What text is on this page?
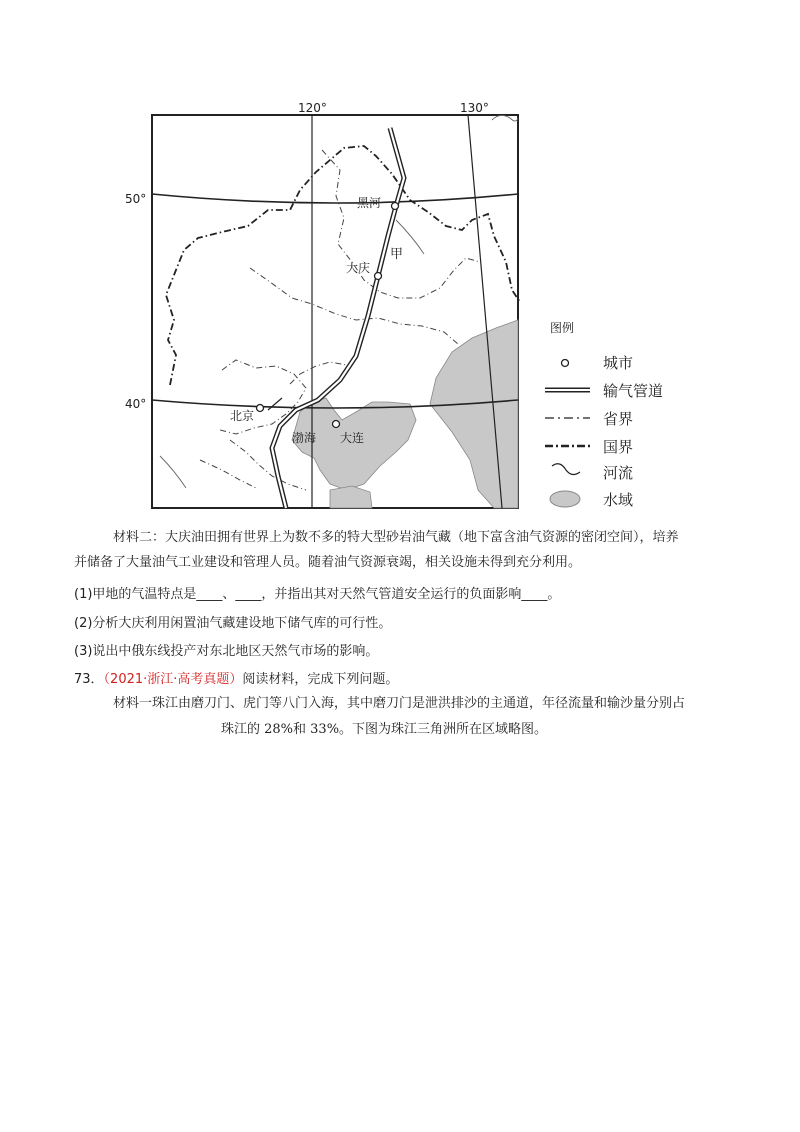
120°	130°
50°
40°
黑河
大庆
北京
大连
甲
渤海
图例
城市
输气管道
省界
国界
河流
水域
材料二：大庆油田拥有世界上为数不多的特大型砂岩油气藏（地下富含油气资源的密闭空间），培养
并储备了大量油气工业建设和管理人员。随着油气资源衰竭，相关设施未得到充分利用。
(1)甲地的气温特点是____、____，并指出其对天然气管道安全运行的负面影响____。
(2)分析大庆利用闲置油气藏建设地下储气库的可行性。
(3)说出中俄东线投产对东北地区天然气市场的影响。
73．（2021·浙江·高考真题）阅读材料，完成下列问题。
材料一珠江由磨刀门、虎门等八门入海，其中磨刀门是泄洪排沙的主通道，年径流量和输沙量分别占
珠江的 28%和 33%。下图为珠江三角洲所在区域略图。
